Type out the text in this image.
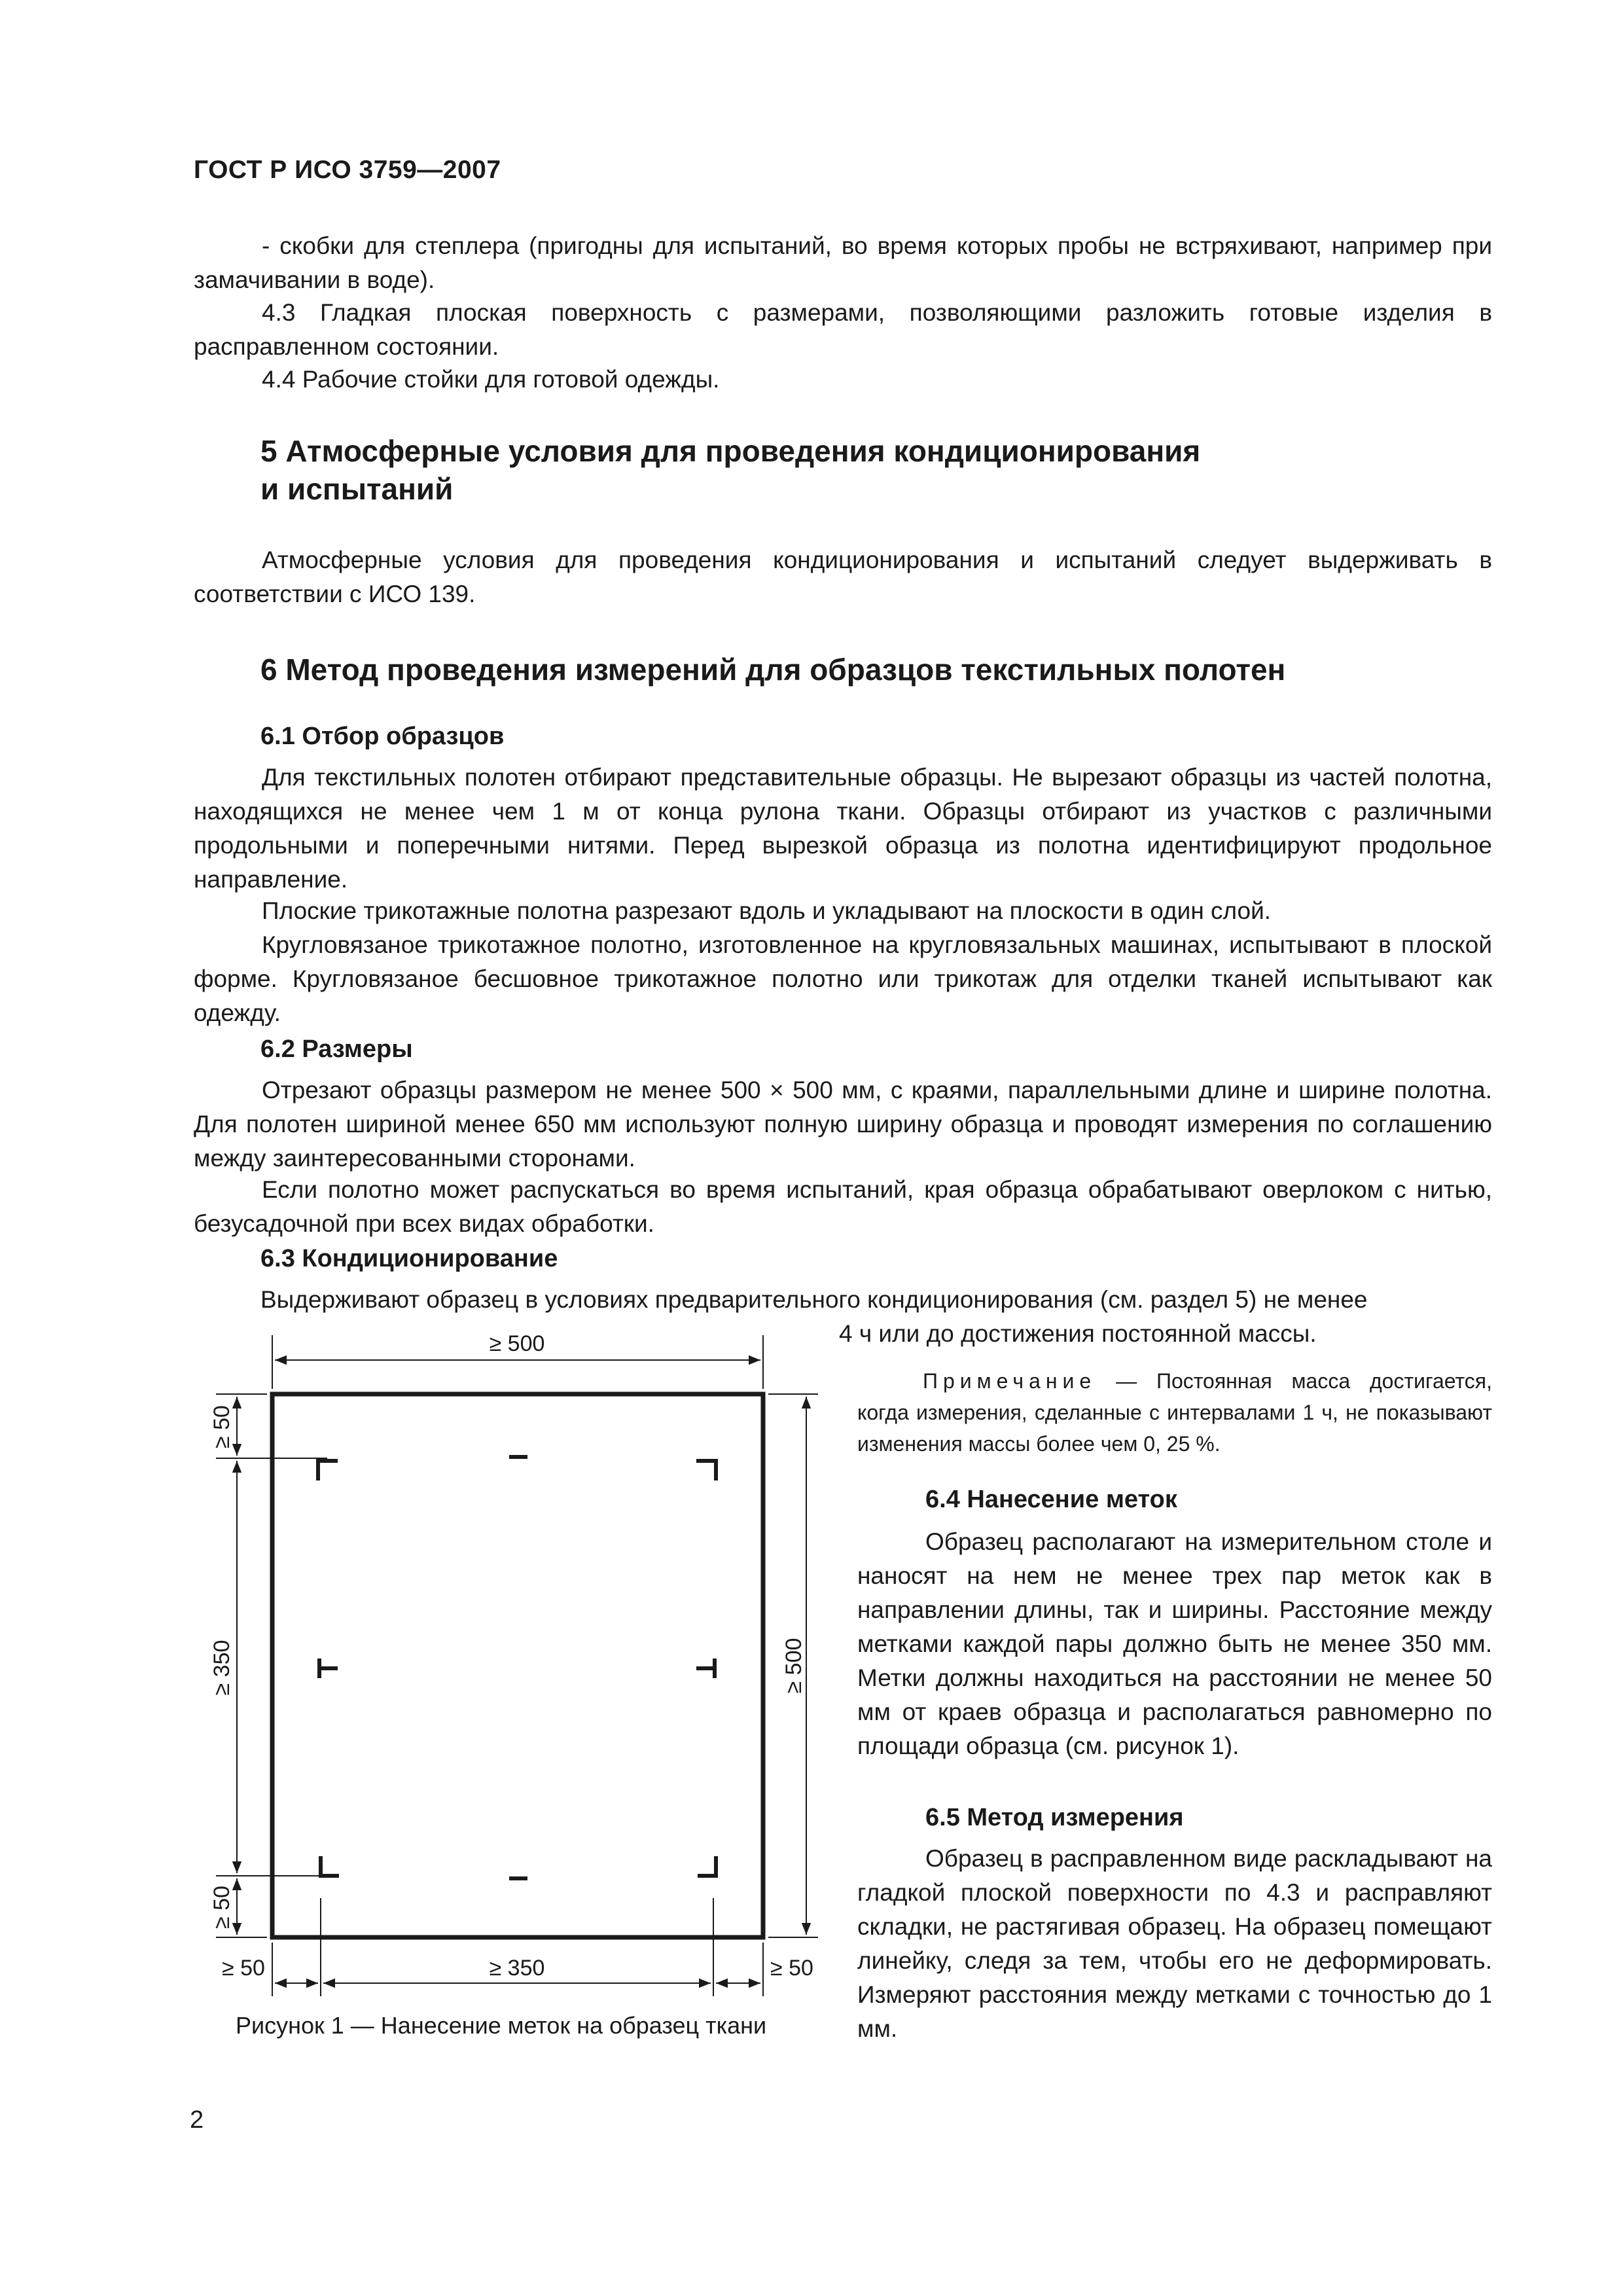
ГОСТ Р ИСО 3759—2007

- скобки для степлера (пригодны для испытаний, во время которых пробы не встряхивают, например при замачивании в воде).

4.3 Гладкая плоская поверхность с размерами, позволяющими разложить готовые изделия в расправленном состоянии.

4.4 Рабочие стойки для готовой одежды.

5 Атмосферные условия для проведения кондиционирования
и испытаний

Атмосферные условия для проведения кондиционирования и испытаний следует выдерживать в соответствии с ИСО 139.

6 Метод проведения измерений для образцов текстильных полотен
6.1 Отбор образцов

Для текстильных полотен отбирают представительные образцы. Не вырезают образцы из частей полотна, находящихся не менее чем 1 м от конца рулона ткани. Образцы отбирают из участков с различными продольными и поперечными нитями. Перед вырезкой образца из полотна идентифицируют продольное направление.

Плоские трикотажные полотна разрезают вдоль и укладывают на плоскости в один слой.

Кругловязаное трикотажное полотно, изготовленное на кругловязальных машинах, испытывают в плоской форме. Кругловязаное бесшовное трикотажное полотно или трикотаж для отделки тканей испытывают как одежду.

6.2 Размеры

Отрезают образцы размером не менее 500 × 500 мм, с краями, параллельными длине и ширине полотна. Для полотен шириной менее 650 мм используют полную ширину образца и проводят измерения по соглашению между заинтересованными сторонами.

Если полотно может распускаться во время испытаний, края образца обрабатывают оверлоком с нитью, безусадочной при всех видах обработки.

6.3 Кондиционирование

Выдерживают образец в условиях предварительного кондиционирования (см. раздел 5) не менее

4 ч или до достижения постоянной массы.

Примечание — Постоянная масса достигается, когда измерения, сделанные с интервалами 1 ч, не показывают изменения массы более чем 0, 25 %.

6.4 Нанесение меток

Образец располагают на измерительном столе и наносят на нем не менее трех пар меток как в направлении длины, так и ширины. Расстояние между метками каждой пары должно быть не менее 350 мм. Метки должны находиться на расстоянии не менее 50 мм от краев образца и располагаться равномерно по площади образца (см. рисунок 1).

6.5 Метод измерения

Образец в расправленном виде раскладывают на гладкой плоской поверхности по 4.3 и расправляют складки, не растягивая образец. На образец помещают линейку, следя за тем, чтобы его не деформировать. Измеряют расстояния между метками с точностью до 1 мм.

≥ 500
≥ 500
≥ 50
≥ 350
≥ 50
≥ 50	≥ 350	≥ 50
Рисунок 1 — Нанесение меток на образец ткани
2
